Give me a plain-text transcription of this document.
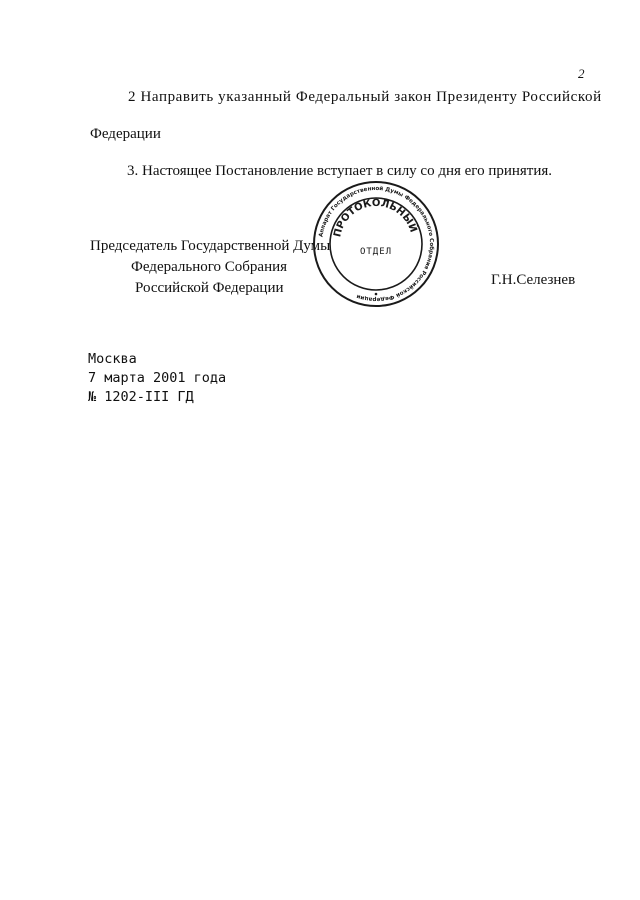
2
2 Направить указанный Федеральный закон Президенту Российской
Федерации
3. Настоящее Постановление вступает в силу со дня его принятия.
Председатель Государственной Думы
Федерального Собрания
Российской Федерации
Аппарат Государственной Думы Федерального Собрания Российской Федерации
ПРОТОКОЛЬНЫЙ
ОТДЕЛ
Г.Н.Селезнев
Москва
7 марта 2001 года
№ 1202-III ГД
